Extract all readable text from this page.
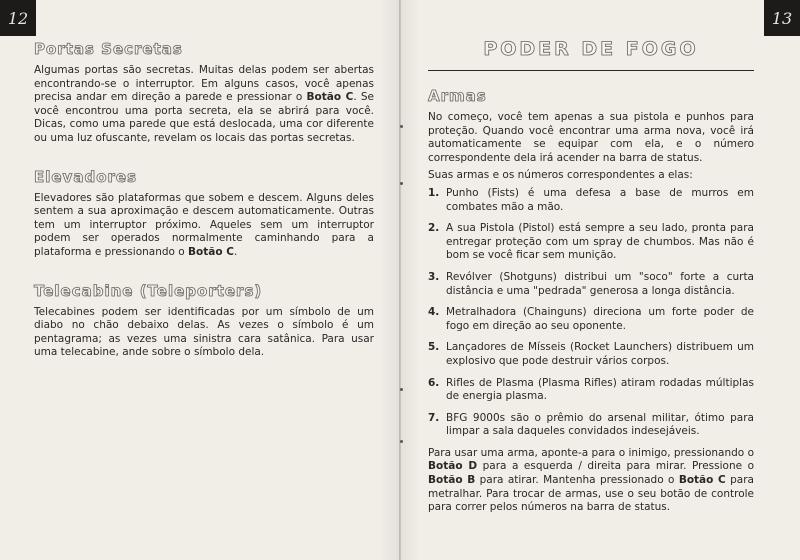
12
Portas Secretas

Algumas portas são secretas. Muitas delas podem ser abertas encontrando-se o interruptor. Em alguns casos, você apenas precisa andar em direção a parede e pressionar o Botão C. Se você encontrou uma porta secreta, ela se abrirá para você. Dicas, como uma parede que está deslocada, uma cor diferente ou uma luz ofuscante, revelam os locais das portas secretas.

Elevadores

Elevadores são plataformas que sobem e descem. Alguns deles sentem a sua aproximação e descem automaticamente. Outras tem um interruptor próximo. Aqueles sem um interruptor podem ser operados normalmente caminhando para a plataforma e pressionando o Botão C.

Telecabine (Teleporters)

Telecabines podem ser identificadas por um símbolo de um diabo no chão debaixo delas. As vezes o símbolo é um pentagrama; as vezes uma sinistra cara satânica. Para usar uma telecabine, ande sobre o símbolo dela.

13
PODER DE FOGO
Armas

No começo, você tem apenas a sua pistola e punhos para proteção. Quando você encontrar uma arma nova, você irá automaticamente se equipar com ela, e o número correspondente dela irá acender na barra de status.

Suas armas e os números correspondentes a elas:

1. Punho (Fists) é uma defesa a base de murros em combates mão a mão.
2. A sua Pistola (Pistol) está sempre a seu lado, pronta para entregar proteção com um spray de chumbos. Mas não é bom se você ficar sem munição.
3. Revólver (Shotguns) distribui um "soco" forte a curta distância e uma "pedrada" generosa a longa distância.
4. Metralhadora (Chainguns) direciona um forte poder de fogo em direção ao seu oponente.
5. Lançadores de Mísseis (Rocket Launchers) distribuem um explosivo que pode destruir vários corpos.
6. Rifles de Plasma (Plasma Rifles) atiram rodadas múltiplas de energia plasma.
7. BFG 9000s são o prêmio do arsenal militar, ótimo para limpar a sala daqueles convidados indesejáveis.

Para usar uma arma, aponte-a para o inimigo, pressionando o Botão D para a esquerda / direita para mirar. Pressione o Botão B para atirar. Mantenha pressionado o Botão C para metralhar. Para trocar de armas, use o seu botão de controle para correr pelos números na barra de status.
